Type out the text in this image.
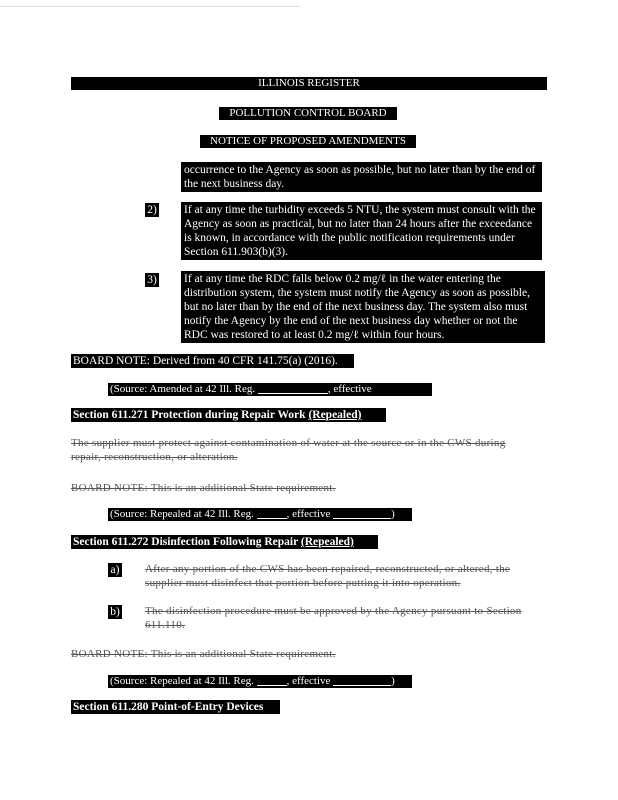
ILLINOIS REGISTER
POLLUTION CONTROL BOARD
NOTICE OF PROPOSED AMENDMENTS
occurrence to the Agency as soon as possible, but no later than by the end of the next business day.
2) If at any time the turbidity exceeds 5 NTU, the system must consult with the Agency as soon as practical, but no later than 24 hours after the exceedance is known, in accordance with the public notification requirements under Section 611.903(b)(3).
3) If at any time the RDC falls below 0.2 mg/ℓ in the water entering the distribution system, the system must notify the Agency as soon as possible, but no later than by the end of the next business day. The system also must notify the Agency by the end of the next business day whether or not the RDC was restored to at least 0.2 mg/ℓ within four hours.
BOARD NOTE: Derived from 40 CFR 141.75(a) (2016).
(Source: Amended at 42 Ill. Reg.	, effective )
Section 611.271 Protection during Repair Work (Repealed)
The supplier must protect against contamination of water at the source or in the CWS during repair, reconstruction, or alteration.
BOARD NOTE: This is an additional State requirement.
(Source: Repealed at 42 Ill. Reg.	, effective	)
Section 611.272 Disinfection Following Repair (Repealed)
a) After any portion of the CWS has been repaired, reconstructed, or altered, the supplier must disinfect that portion before putting it into operation.
b) The disinfection procedure must be approved by the Agency pursuant to Section 611.110.
BOARD NOTE: This is an additional State requirement.
(Source: Repealed at 42 Ill. Reg.	, effective	)
Section 611.280 Point-of-Entry Devices
